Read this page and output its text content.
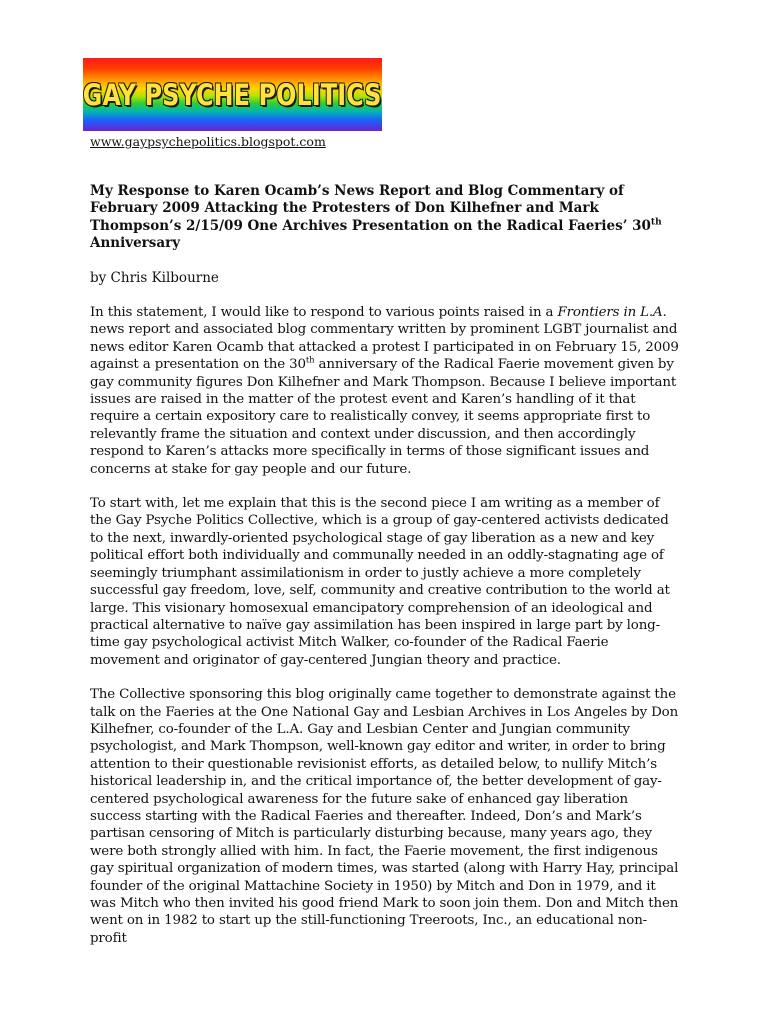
GAY PSYCHE POLITICS

www.gaypsychepolitics.blogspot.com

My Response to Karen Ocamb’s News Report and Blog Commentary of February 2009 Attacking the Protesters of Don Kilhefner and Mark Thompson’s 2/15/09 One Archives Presentation on the Radical Faeries’ 30th Anniversary

by Chris Kilbourne

In this statement, I would like to respond to various points raised in a Frontiers in L.A. news report and associated blog commentary written by prominent LGBT journalist and news editor Karen Ocamb that attacked a protest I participated in on February 15, 2009 against a presentation on the 30th anniversary of the Radical Faerie movement given by gay community figures Don Kilhefner and Mark Thompson. Because I believe important issues are raised in the matter of the protest event and Karen’s handling of it that require a certain expository care to realistically convey, it seems appropriate first to relevantly frame the situation and context under discussion, and then accordingly respond to Karen’s attacks more specifically in terms of those significant issues and concerns at stake for gay people and our future.

To start with, let me explain that this is the second piece I am writing as a member of the Gay Psyche Politics Collective, which is a group of gay-centered activists dedicated to the next, inwardly-oriented psychological stage of gay liberation as a new and key political effort both individually and communally needed in an oddly-stagnating age of seemingly triumphant assimilationism in order to justly achieve a more completely successful gay freedom, love, self, community and creative contribution to the world at large. This visionary homosexual emancipatory comprehension of an ideological and practical alternative to naïve gay assimilation has been inspired in large part by long-time gay psychological activist Mitch Walker, co-founder of the Radical Faerie movement and originator of gay-centered Jungian theory and practice.

The Collective sponsoring this blog originally came together to demonstrate against the talk on the Faeries at the One National Gay and Lesbian Archives in Los Angeles by Don Kilhefner, co-founder of the L.A. Gay and Lesbian Center and Jungian community psychologist, and Mark Thompson, well-known gay editor and writer, in order to bring attention to their questionable revisionist efforts, as detailed below, to nullify Mitch’s historical leadership in, and the critical importance of, the better development of gay-centered psychological awareness for the future sake of enhanced gay liberation success starting with the Radical Faeries and thereafter. Indeed, Don’s and Mark’s partisan censoring of Mitch is particularly disturbing because, many years ago, they were both strongly allied with him. In fact, the Faerie movement, the first indigenous gay spiritual organization of modern times, was started (along with Harry Hay, principal founder of the original Mattachine Society in 1950) by Mitch and Don in 1979, and it was Mitch who then invited his good friend Mark to soon join them. Don and Mitch then went on in 1982 to start up the still-functioning Treeroots, Inc., an educational non-profit
